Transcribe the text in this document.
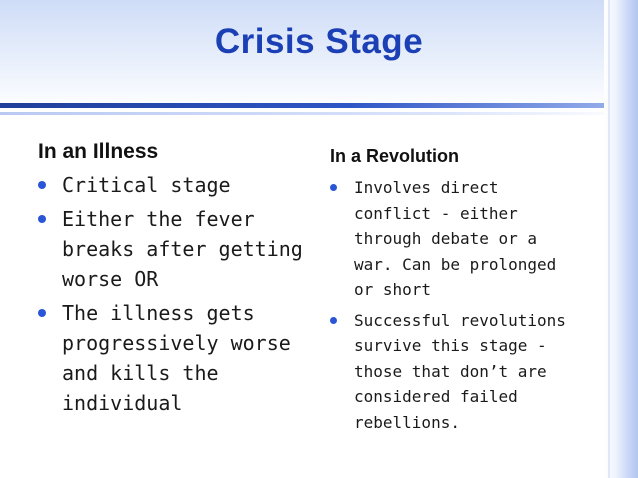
Crisis Stage
In an Illness
Critical stage
Either the fever breaks after getting worse OR
The illness gets progressively worse and kills the individual
In a Revolution
Involves direct conflict - either through debate or a war. Can be prolonged or short
Successful revolutions survive this stage - those that don’t are considered failed rebellions.
